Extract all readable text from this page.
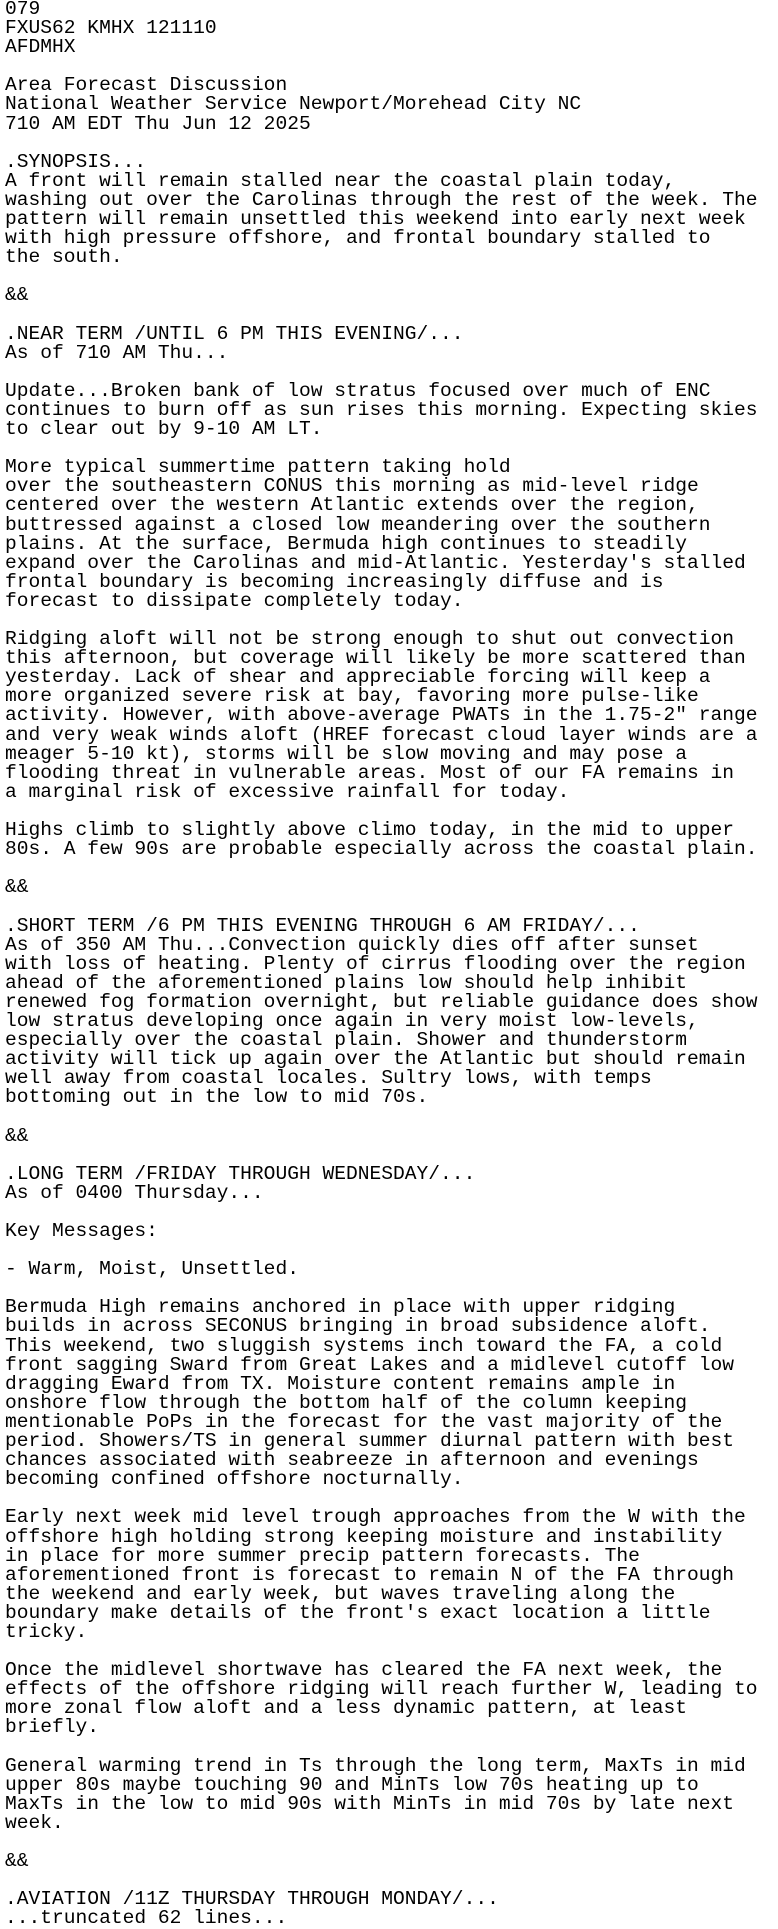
079
FXUS62 KMHX 121110
AFDMHX

Area Forecast Discussion
National Weather Service Newport/Morehead City NC
710 AM EDT Thu Jun 12 2025

.SYNOPSIS...
A front will remain stalled near the coastal plain today,
washing out over the Carolinas through the rest of the week. The
pattern will remain unsettled this weekend into early next week
with high pressure offshore, and frontal boundary stalled to
the south.

&&

.NEAR TERM /UNTIL 6 PM THIS EVENING/...
As of 710 AM Thu...

Update...Broken bank of low stratus focused over much of ENC
continues to burn off as sun rises this morning. Expecting skies
to clear out by 9-10 AM LT.

More typical summertime pattern taking hold
over the southeastern CONUS this morning as mid-level ridge
centered over the western Atlantic extends over the region,
buttressed against a closed low meandering over the southern
plains. At the surface, Bermuda high continues to steadily
expand over the Carolinas and mid-Atlantic. Yesterday's stalled
frontal boundary is becoming increasingly diffuse and is
forecast to dissipate completely today.

Ridging aloft will not be strong enough to shut out convection
this afternoon, but coverage will likely be more scattered than
yesterday. Lack of shear and appreciable forcing will keep a
more organized severe risk at bay, favoring more pulse-like
activity. However, with above-average PWATs in the 1.75-2" range
and very weak winds aloft (HREF forecast cloud layer winds are a
meager 5-10 kt), storms will be slow moving and may pose a
flooding threat in vulnerable areas. Most of our FA remains in
a marginal risk of excessive rainfall for today.

Highs climb to slightly above climo today, in the mid to upper
80s. A few 90s are probable especially across the coastal plain.

&&

.SHORT TERM /6 PM THIS EVENING THROUGH 6 AM FRIDAY/...
As of 350 AM Thu...Convection quickly dies off after sunset
with loss of heating. Plenty of cirrus flooding over the region
ahead of the aforementioned plains low should help inhibit
renewed fog formation overnight, but reliable guidance does show
low stratus developing once again in very moist low-levels,
especially over the coastal plain. Shower and thunderstorm
activity will tick up again over the Atlantic but should remain
well away from coastal locales. Sultry lows, with temps
bottoming out in the low to mid 70s.

&&

.LONG TERM /FRIDAY THROUGH WEDNESDAY/...
As of 0400 Thursday...

Key Messages:

- Warm, Moist, Unsettled.

Bermuda High remains anchored in place with upper ridging
builds in across SECONUS bringing in broad subsidence aloft.
This weekend, two sluggish systems inch toward the FA, a cold
front sagging Sward from Great Lakes and a midlevel cutoff low
dragging Eward from TX. Moisture content remains ample in
onshore flow through the bottom half of the column keeping
mentionable PoPs in the forecast for the vast majority of the
period. Showers/TS in general summer diurnal pattern with best
chances associated with seabreeze in afternoon and evenings
becoming confined offshore nocturnally.

Early next week mid level trough approaches from the W with the
offshore high holding strong keeping moisture and instability
in place for more summer precip pattern forecasts. The
aforementioned front is forecast to remain N of the FA through
the weekend and early week, but waves traveling along the
boundary make details of the front's exact location a little
tricky.

Once the midlevel shortwave has cleared the FA next week, the
effects of the offshore ridging will reach further W, leading to
more zonal flow aloft and a less dynamic pattern, at least
briefly.

General warming trend in Ts through the long term, MaxTs in mid
upper 80s maybe touching 90 and MinTs low 70s heating up to
MaxTs in the low to mid 90s with MinTs in mid 70s by late next
week.

&&

.AVIATION /11Z THURSDAY THROUGH MONDAY/...
...truncated 62 lines...
